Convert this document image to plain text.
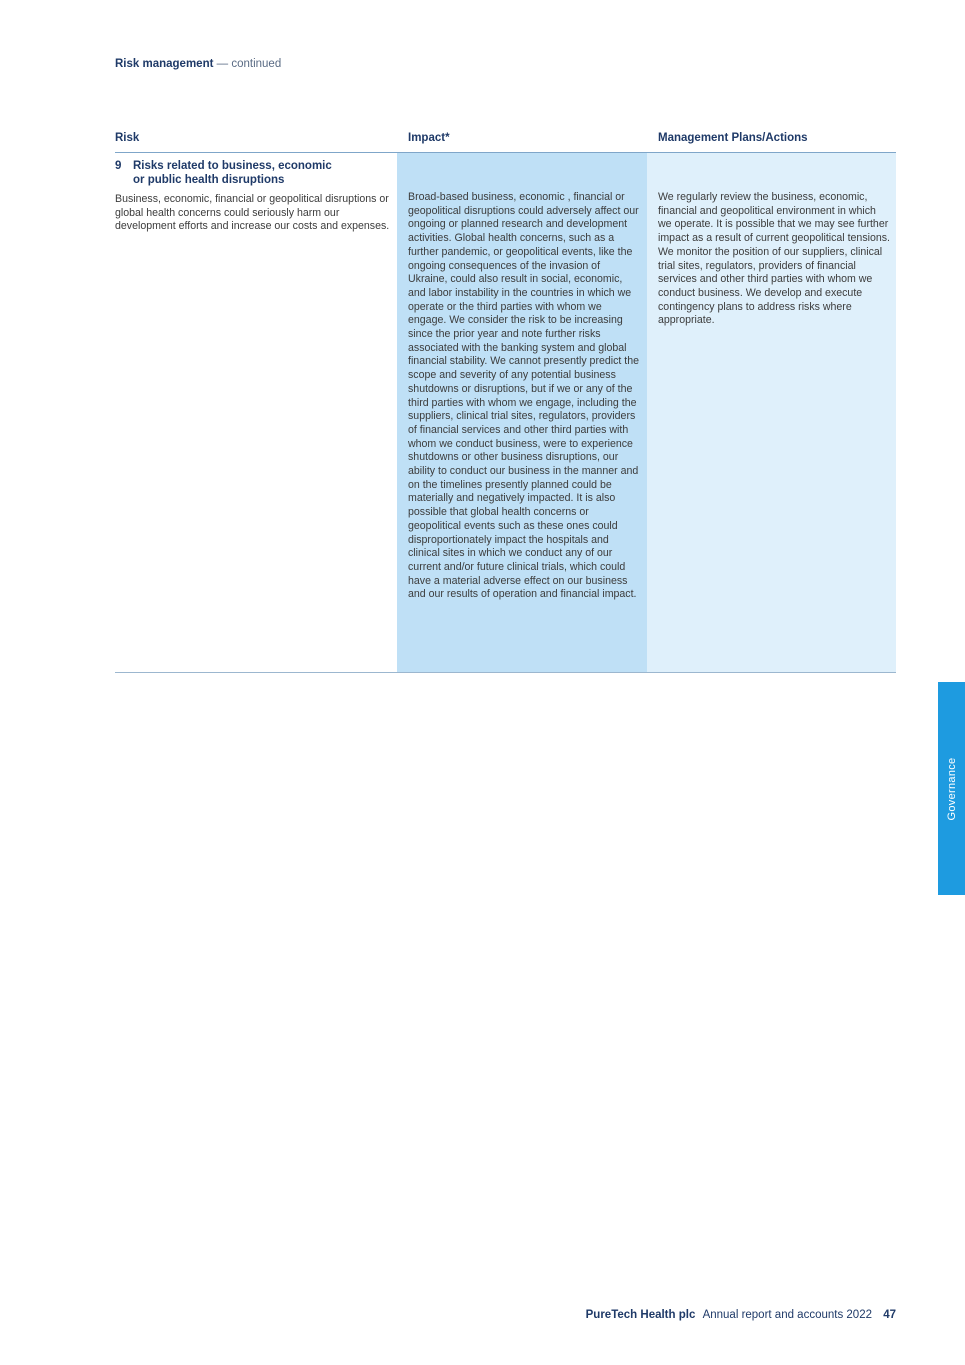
Risk management — continued
Risk	Impact*	Management Plans/Actions
9 Risks related to business, economic or public health disruptions
Business, economic, financial or geopolitical disruptions or global health concerns could seriously harm our development efforts and increase our costs and expenses.
Broad-based business, economic , financial or geopolitical disruptions could adversely affect our ongoing or planned research and development activities. Global health concerns, such as a further pandemic, or geopolitical events, like the ongoing consequences of the invasion of Ukraine, could also result in social, economic, and labor instability in the countries in which we operate or the third parties with whom we engage. We consider the risk to be increasing since the prior year and note further risks associated with the banking system and global financial stability. We cannot presently predict the scope and severity of any potential business shutdowns or disruptions, but if we or any of the third parties with whom we engage, including the suppliers, clinical trial sites, regulators, providers of financial services and other third parties with whom we conduct business, were to experience shutdowns or other business disruptions, our ability to conduct our business in the manner and on the timelines presently planned could be materially and negatively impacted. It is also possible that global health concerns or geopolitical events such as these ones could disproportionately impact the hospitals and clinical sites in which we conduct any of our current and/or future clinical trials, which could have a material adverse effect on our business and our results of operation and financial impact.
We regularly review the business, economic, financial and geopolitical environment in which we operate. It is possible that we may see further impact as a result of current geopolitical tensions. We monitor the position of our suppliers, clinical trial sites, regulators, providers of financial services and other third parties with whom we conduct business. We develop and execute contingency plans to address risks where appropriate.
Governance
PureTech Health plc Annual report and accounts 2022 47
